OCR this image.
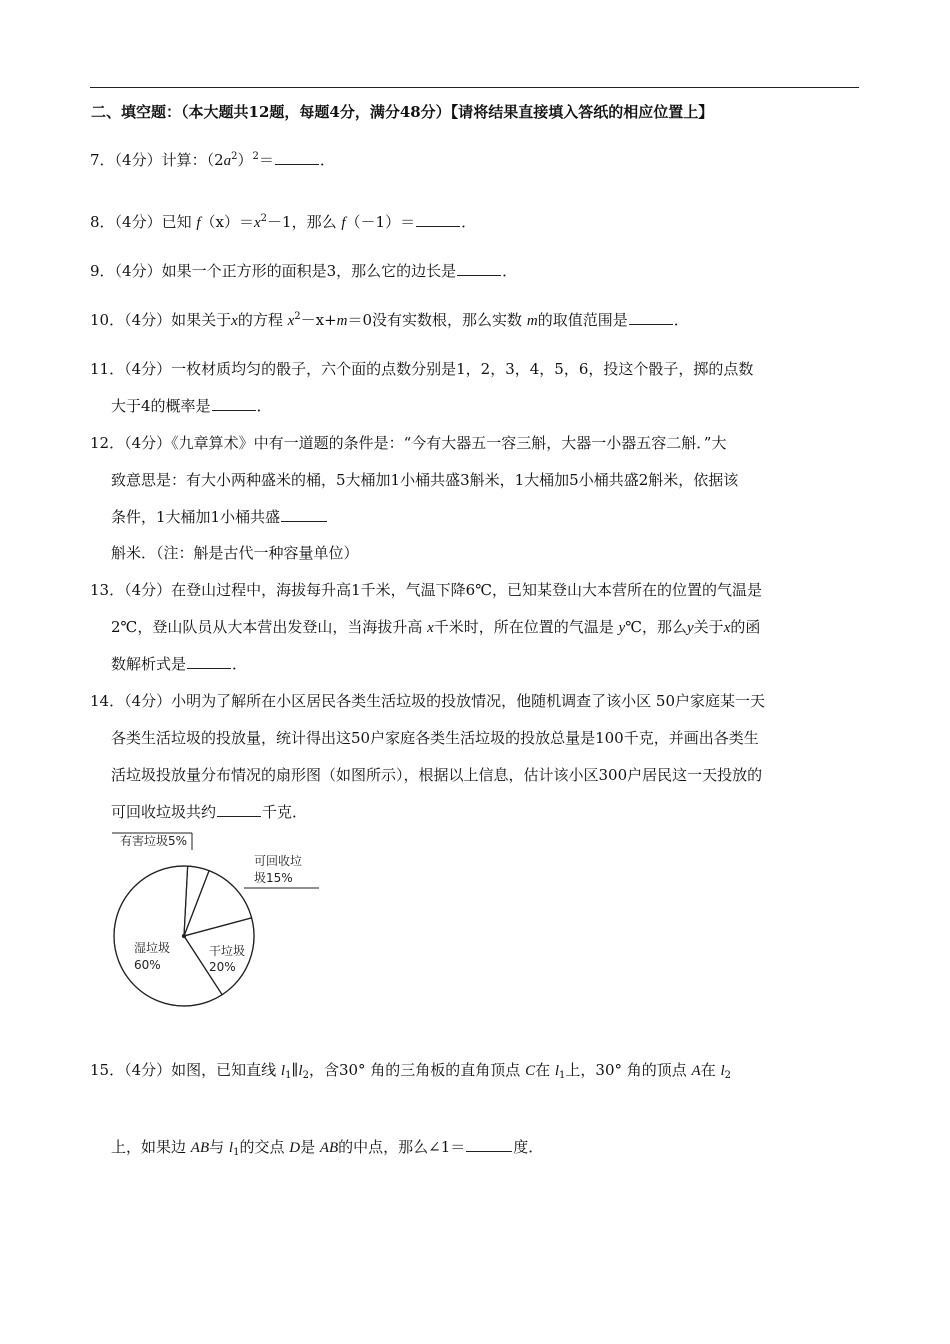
二、填空题：（本大题共12题，每题4分，满分48分）【请将结果直接填入答纸的相应位置上】
7．（4分）计算：$(2a^2)^2=$	．
8．（4分）已知 $f(x)=x^2-1$，那么 f（－1）＝	．
9．（4分）如果一个正方形的面积是3，那么它的边长是	．
10．（4分）如果关于x的方程 $x^2-x+m=0$没有实数根，那么实数 m的取值范围是	．
11．（4分）一枚材质均匀的骰子，六个面的点数分别是1，2，3，4，5，6，投这个骰子，掷的点数
大于4的概率是	．
12．（4分）《九章算术》中有一道题的条件是：“今有大器五一容三斛，大器一小器五容二斛．”大
致意思是：有大小两种盛米的桶，5大桶加1小桶共盛3斛米，1大桶加5小桶共盛2斛米，依据该
条件，1大桶加1小桶共盛
斛米．（注：斛是古代一种容量单位）
13．（4分）在登山过程中，海拔每升高1千米，气温下降6℃，已知某登山大本营所在的位置的气温是
2℃，登山队员从大本营出发登山，当海拔升高 x千米时，所在位置的气温是 y℃，那么y关于x的函
数解析式是	．
14．（4分）小明为了解所在小区居民各类生活垃圾的投放情况，他随机调查了该小区 50户家庭某一天
各类生活垃圾的投放量，统计得出这50户家庭各类生活垃圾的投放总量是100千克，并画出各类生
活垃圾投放量分布情况的扇形图（如图所示），根据以上信息，估计该小区300户居民这一天投放的
可回收垃圾共约	千克．
有害垃圾5%
可回收垃
圾15%
干垃圾
20%
湿垃圾
60%
15．（4分）如图，已知直线 $l_1\parallel l_2$，含30° 角的三角板的直角顶点 C在 $l_1$上，30° 角的顶点 A在 $l_2$
上，如果边 AB与 $l_1$的交点 D是 AB的中点，那么∠1＝	度．
